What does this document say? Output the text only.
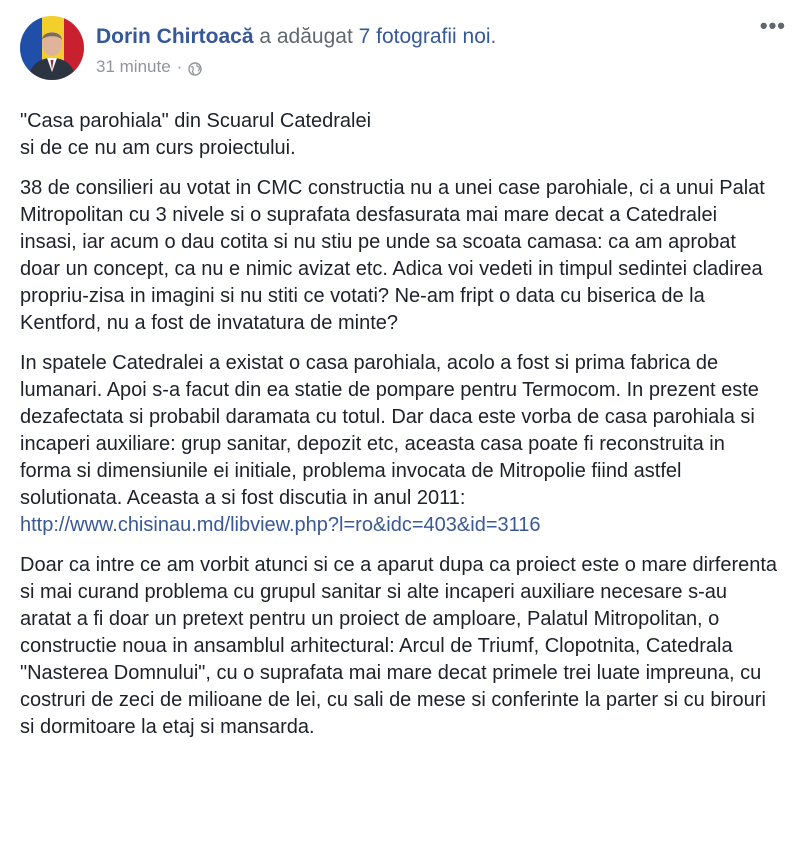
Dorin Chirtoacă a adăugat 7 fotografii noi.
31 minute ·
•••

"Casa parohiala" din Scuarul Catedralei
si de ce nu am curs proiectului.

38 de consilieri au votat in CMC constructia nu a unei case parohiale, ci a unui Palat Mitropolitan cu 3 nivele si o suprafata desfasurata mai mare decat a Catedralei insasi, iar acum o dau cotita si nu stiu pe unde sa scoata camasa: ca am aprobat doar un concept, ca nu e nimic avizat etc. Adica voi vedeti in timpul sedintei cladirea propriu-zisa in imagini si nu stiti ce votati? Ne-am fript o data cu biserica de la Kentford, nu a fost de invatatura de minte?

In spatele Catedralei a existat o casa parohiala, acolo a fost si prima fabrica de lumanari. Apoi s-a facut din ea statie de pompare pentru Termocom. In prezent este dezafectata si probabil daramata cu totul. Dar daca este vorba de casa parohiala si incaperi auxiliare: grup sanitar, depozit etc, aceasta casa poate fi reconstruita in forma si dimensiunile ei initiale, problema invocata de Mitropolie fiind astfel solutionata. Aceasta a si fost discutia in anul 2011: http://www.chisinau.md/libview.php?l=ro&idc=403&id=3116

Doar ca intre ce am vorbit atunci si ce a aparut dupa ca proiect este o mare dirferenta si mai curand problema cu grupul sanitar si alte incaperi auxiliare necesare s-au aratat a fi doar un pretext pentru un proiect de amploare, Palatul Mitropolitan, o constructie noua in ansamblul arhitectural: Arcul de Triumf, Clopotnita, Catedrala "Nasterea Domnului", cu o suprafata mai mare decat primele trei luate impreuna, cu costruri de zeci de milioane de lei, cu sali de mese si conferinte la parter si cu birouri si dormitoare la etaj si mansarda.
